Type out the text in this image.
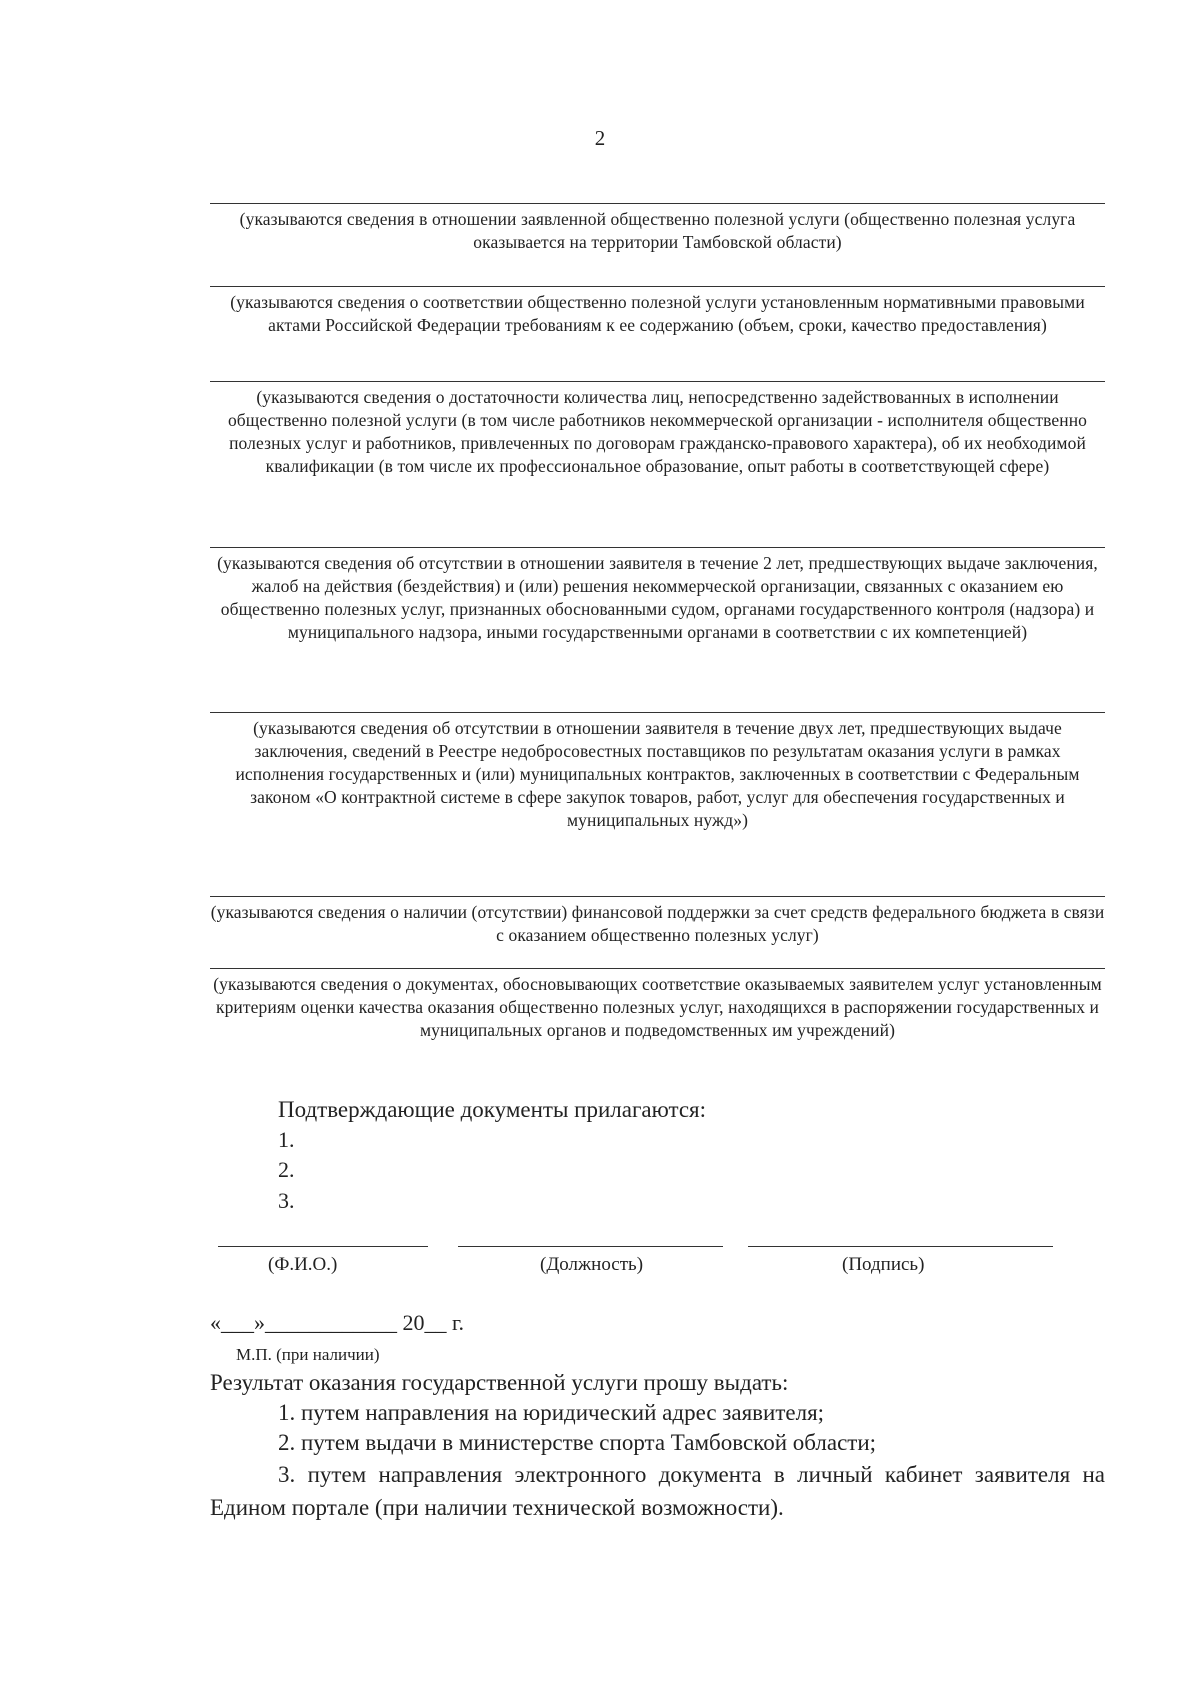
2
(указываются сведения в отношении заявленной общественно полезной услуги (общественно полезная услуга оказывается на территории Тамбовской области)
(указываются сведения о соответствии общественно полезной услуги установленным нормативными правовыми актами Российской Федерации требованиям к ее содержанию (объем, сроки, качество предоставления)
(указываются сведения о достаточности количества лиц, непосредственно задействованных в исполнении общественно полезной услуги (в том числе работников некоммерческой организации - исполнителя общественно полезных услуг и работников, привлеченных по договорам гражданско-правового характера), об их необходимой квалификации (в том числе их профессиональное образование, опыт работы в соответствующей сфере)
(указываются сведения об отсутствии в отношении заявителя в течение 2 лет, предшествующих выдаче заключения, жалоб на действия (бездействия) и (или) решения некоммерческой организации, связанных с оказанием ею общественно полезных услуг, признанных обоснованными судом, органами государственного контроля (надзора) и муниципального надзора, иными государственными органами в соответствии с их компетенцией)
(указываются сведения об отсутствии в отношении заявителя в течение двух лет, предшествующих выдаче заключения, сведений в Реестре недобросовестных поставщиков по результатам оказания услуги в рамках исполнения государственных и (или) муниципальных контрактов, заключенных в соответствии с Федеральным законом «О контрактной системе в сфере закупок товаров, работ, услуг для обеспечения государственных и муниципальных нужд»)
(указываются сведения о наличии (отсутствии) финансовой поддержки за счет средств федерального бюджета в связи с оказанием общественно полезных услуг)
(указываются сведения о документах, обосновывающих соответствие оказываемых заявителем услуг установленным критериям оценки качества оказания общественно полезных услуг, находящихся в распоряжении государственных и муниципальных органов и подведомственных им учреждений)
Подтверждающие документы прилагаются:
1.
2.
3.
(Ф.И.О.)	(Должность)	(Подпись)
«___»____________ 20__ г.
М.П. (при наличии)
Результат оказания государственной услуги прошу выдать:
1. путем направления на юридический адрес заявителя;
2. путем выдачи в министерстве спорта Тамбовской области;
3. путем направления электронного документа в личный кабинет заявителя на Едином портале (при наличии технической возможности).
